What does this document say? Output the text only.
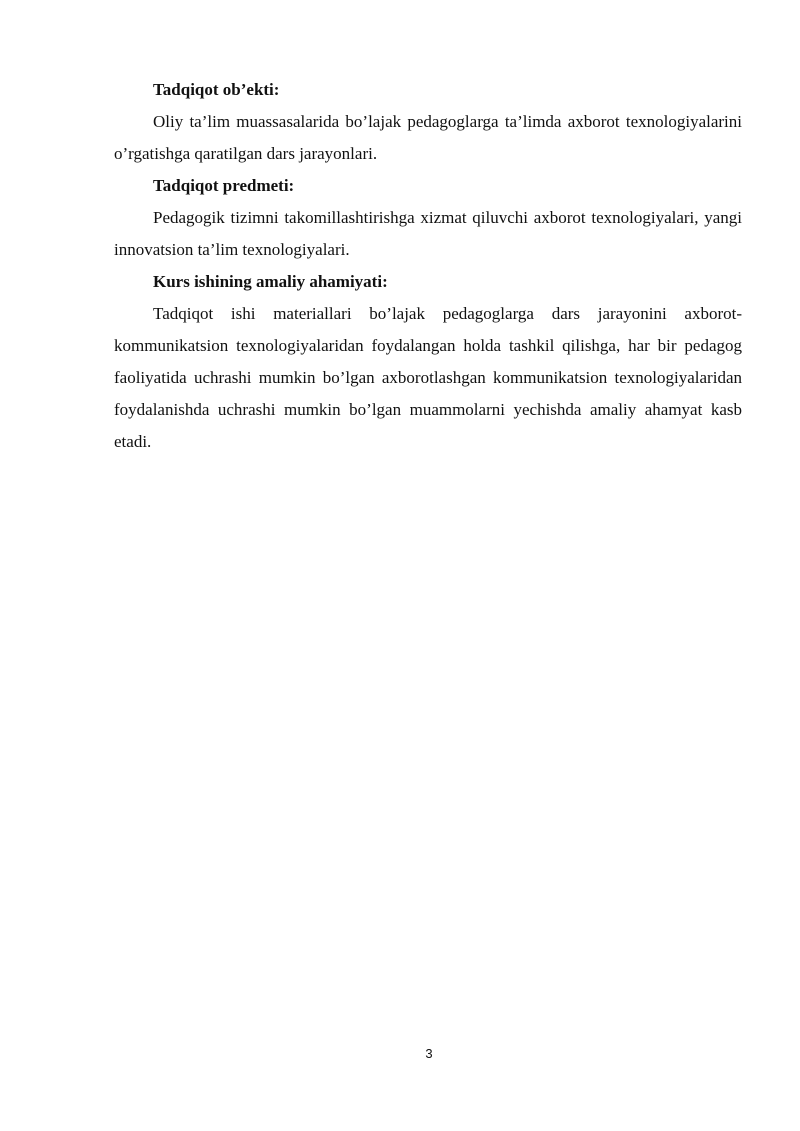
Tadqiqot ob’ekti:

Oliy ta’lim muassasalarida bo’lajak pedagoglarga ta’limda axborot texnologiyalarini o’rgatishga qaratilgan dars jarayonlari.

Tadqiqot predmeti:

Pedagogik tizimni takomillashtirishga xizmat qiluvchi axborot texnologiyalari, yangi innovatsion ta’lim texnologiyalari.

Kurs ishining amaliy ahamiyati:

Tadqiqot ishi materiallari bo’lajak pedagoglarga dars jarayonini axborot-kommunikatsion texnologiyalaridan foydalangan holda tashkil qilishga, har bir pedagog faoliyatida uchrashi mumkin bo’lgan axborotlashgan kommunikatsion texnologiyalaridan foydalanishda uchrashi mumkin bo’lgan muammolarni yechishda amaliy ahamyat kasb etadi.

3
